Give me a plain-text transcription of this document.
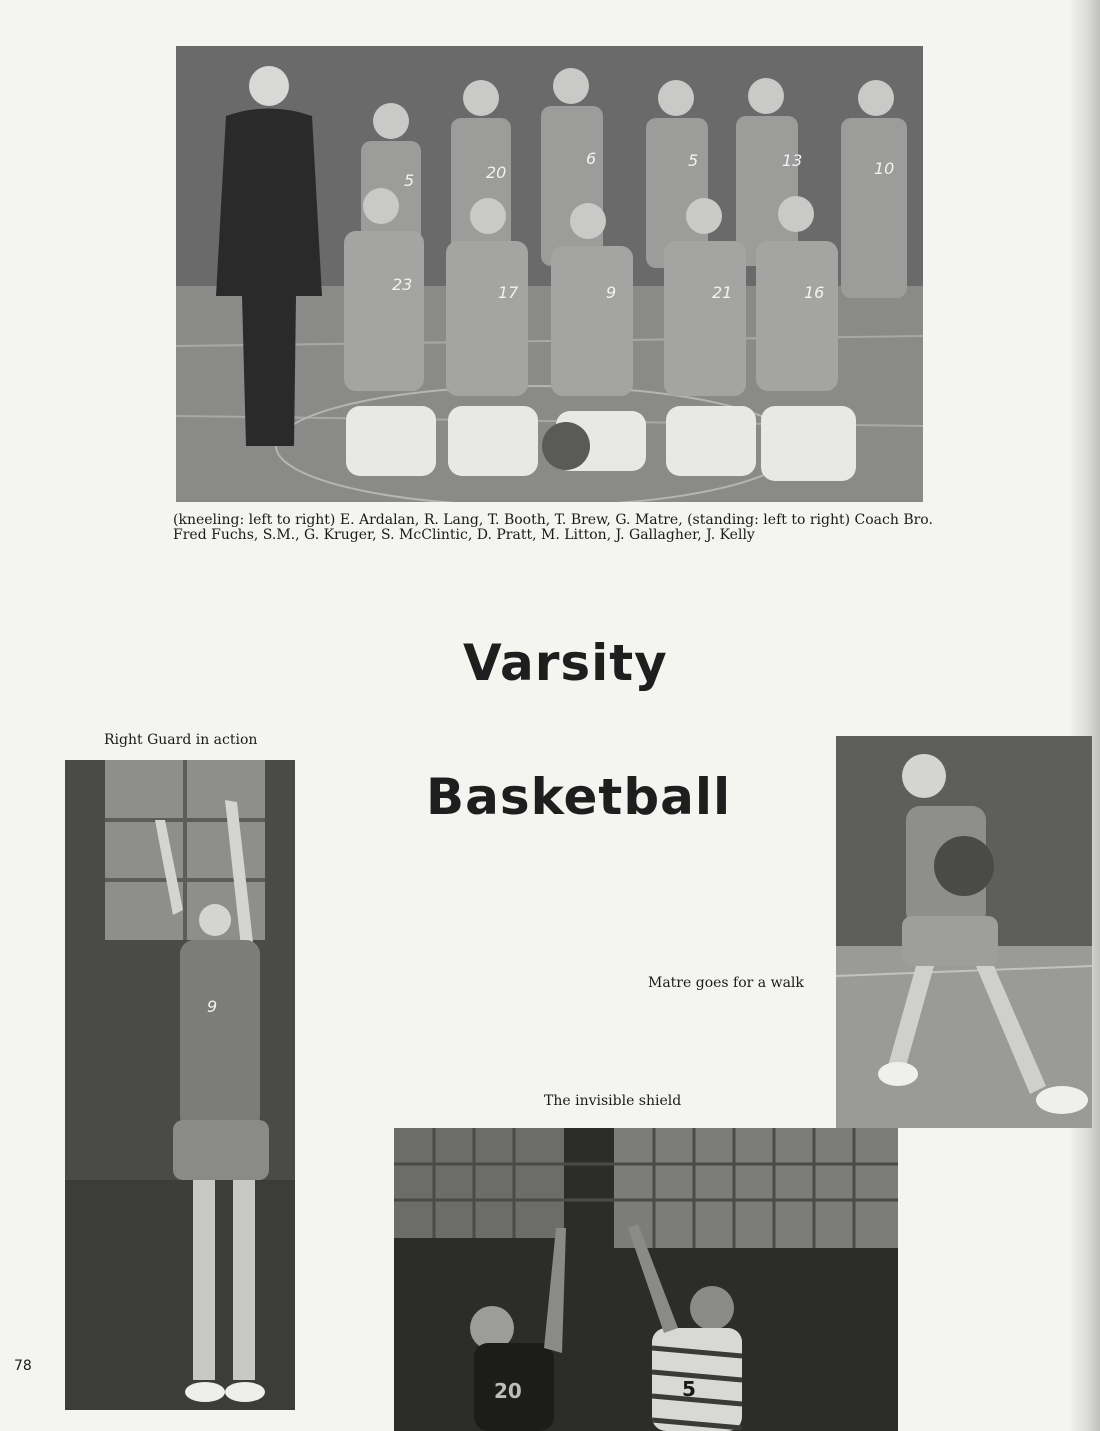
5	20
6	5	13	10
23	17	9	21	16

(kneeling: left to right) E. Ardalan, R. Lang, T. Booth, T. Brew, G. Matre, (standing: left to right) Coach Bro. Fred Fuchs, S.M., G. Kruger, S. McClintic, D. Pratt, M. Litton, J. Gallagher, J. Kelly

Varsity
Basketball

Right Guard in action

9

Matre goes for a walk

The invisible shield

20	5

78
